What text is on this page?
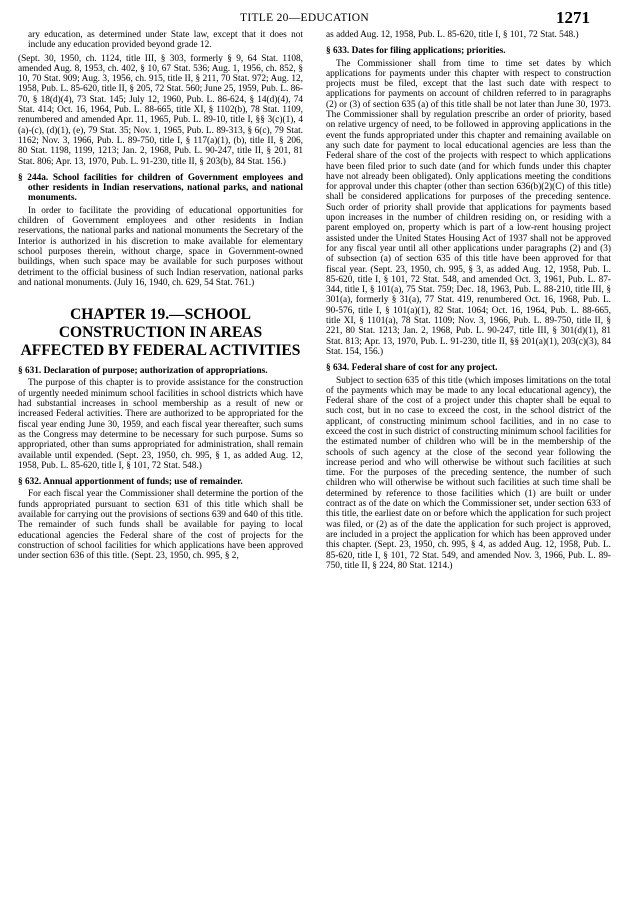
TITLE 20—EDUCATION	1271

ary education, as determined under State law, except that it does not include any education provided beyond grade 12.

(Sept. 30, 1950, ch. 1124, title III, § 303, formerly § 9, 64 Stat. 1108, amended Aug. 8, 1953, ch. 402, § 10, 67 Stat. 536; Aug. 1, 1956, ch. 852, § 10, 70 Stat. 909; Aug. 3, 1956, ch. 915, title II, § 211, 70 Stat. 972; Aug. 12, 1958, Pub. L. 85-620, title II, § 205, 72 Stat. 560; June 25, 1959, Pub. L. 86-70, § 18(d)(4), 73 Stat. 145; July 12, 1960, Pub. L. 86-624, § 14(d)(4), 74 Stat. 414; Oct. 16, 1964, Pub. L. 88-665, title XI, § 1102(b), 78 Stat. 1109, renumbered and amended Apr. 11, 1965, Pub. L. 89-10, title I, §§ 3(c)(1), 4 (a)-(c), (d)(1), (e), 79 Stat. 35; Nov. 1, 1965, Pub. L. 89-313, § 6(c), 79 Stat. 1162; Nov. 3, 1966, Pub. L. 89-750, title I, § 117(a)(1), (b), title II, § 206, 80 Stat. 1198, 1199, 1213; Jan. 2, 1968, Pub. L. 90-247, title II, § 201, 81 Stat. 806; Apr. 13, 1970, Pub. L. 91-230, title II, § 203(b), 84 Stat. 156.)

§ 244a. School facilities for children of Government employees and other residents in Indian reservations, national parks, and national monuments.

In order to facilitate the providing of educational opportunities for children of Government employees and other residents in Indian reservations, the national parks and national monuments the Secretary of the Interior is authorized in his discretion to make available for elementary school purposes therein, without charge, space in Government-owned buildings, when such space may be available for such purposes without detriment to the official business of such Indian reservation, national parks and national monuments. (July 16, 1940, ch. 629, 54 Stat. 761.)

CHAPTER 19.—SCHOOL CONSTRUCTION IN AREAS AFFECTED BY FEDERAL ACTIVITIES

§ 631. Declaration of purpose; authorization of appropriations.

The purpose of this chapter is to provide assistance for the construction of urgently needed minimum school facilities in school districts which have had substantial increases in school membership as a result of new or increased Federal activities. There are authorized to be appropriated for the fiscal year ending June 30, 1959, and each fiscal year thereafter, such sums as the Congress may determine to be necessary for such purpose. Sums so appropriated, other than sums appropriated for administration, shall remain available until expended. (Sept. 23, 1950, ch. 995, § 1, as added Aug. 12, 1958, Pub. L. 85-620, title I, § 101, 72 Stat. 548.)

§ 632. Annual apportionment of funds; use of remainder.

For each fiscal year the Commissioner shall determine the portion of the funds appropriated pursuant to section 631 of this title which shall be available for carrying out the provisions of sections 639 and 640 of this title. The remainder of such funds shall be available for paying to local educational agencies the Federal share of the cost of projects for the construction of school facilities for which applications have been approved under section 636 of this title. (Sept. 23, 1950, ch. 995, § 2,

as added Aug. 12, 1958, Pub. L. 85-620, title I, § 101, 72 Stat. 548.)

§ 633. Dates for filing applications; priorities.

The Commissioner shall from time to time set dates by which applications for payments under this chapter with respect to construction projects must be filed, except that the last such date with respect to applications for payments on account of children referred to in paragraphs (2) or (3) of section 635 (a) of this title shall be not later than June 30, 1973. The Commissioner shall by regulation prescribe an order of priority, based on relative urgency of need, to be followed in approving applications in the event the funds appropriated under this chapter and remaining available on any such date for payment to local educational agencies are less than the Federal share of the cost of the projects with respect to which applications have been filed prior to such date (and for which funds under this chapter have not already been obligated). Only applications meeting the conditions for approval under this chapter (other than section 636(b)(2)(C) of this title) shall be considered applications for purposes of the preceding sentence. Such order of priority shall provide that applications for payments based upon increases in the number of children residing on, or residing with a parent employed on, property which is part of a low-rent housing project assisted under the United States Housing Act of 1937 shall not be approved for any fiscal year until all other applications under paragraphs (2) and (3) of subsection (a) of section 635 of this title have been approved for that fiscal year. (Sept. 23, 1950, ch. 995, § 3, as added Aug. 12, 1958, Pub. L. 85-620, title I, § 101, 72 Stat. 548, and amended Oct. 3, 1961, Pub. L. 87-344, title I, § 101(a), 75 Stat. 759; Dec. 18, 1963, Pub. L. 88-210, title III, § 301(a), formerly § 31(a), 77 Stat. 419, renumbered Oct. 16, 1968, Pub. L. 90-576, title I, § 101(a)(1), 82 Stat. 1064; Oct. 16, 1964, Pub. L. 88-665, title XI, § 1101(a), 78 Stat. 1109; Nov. 3, 1966, Pub. L. 89-750, title II, § 221, 80 Stat. 1213; Jan. 2, 1968, Pub. L. 90-247, title III, § 301(d)(1), 81 Stat. 813; Apr. 13, 1970, Pub. L. 91-230, title II, §§ 201(a)(1), 203(c)(3), 84 Stat. 154, 156.)

§ 634. Federal share of cost for any project.

Subject to section 635 of this title (which imposes limitations on the total of the payments which may be made to any local educational agency), the Federal share of the cost of a project under this chapter shall be equal to such cost, but in no case to exceed the cost, in the school district of the applicant, of constructing minimum school facilities, and in no case to exceed the cost in such district of constructing minimum school facilities for the estimated number of children who will be in the membership of the schools of such agency at the close of the second year following the increase period and who will otherwise be without such facilities at such time. For the purposes of the preceding sentence, the number of such children who will otherwise be without such facilities at such time shall be determined by reference to those facilities which (1) are built or under contract as of the date on which the Commissioner set, under section 633 of this title, the earliest date on or before which the application for such project was filed, or (2) as of the date the application for such project is approved, are included in a project the application for which has been approved under this chapter. (Sept. 23, 1950, ch. 995, § 4, as added Aug. 12, 1958, Pub. L. 85-620, title I, § 101, 72 Stat. 549, and amended Nov. 3, 1966, Pub. L. 89-750, title II, § 224, 80 Stat. 1214.)
